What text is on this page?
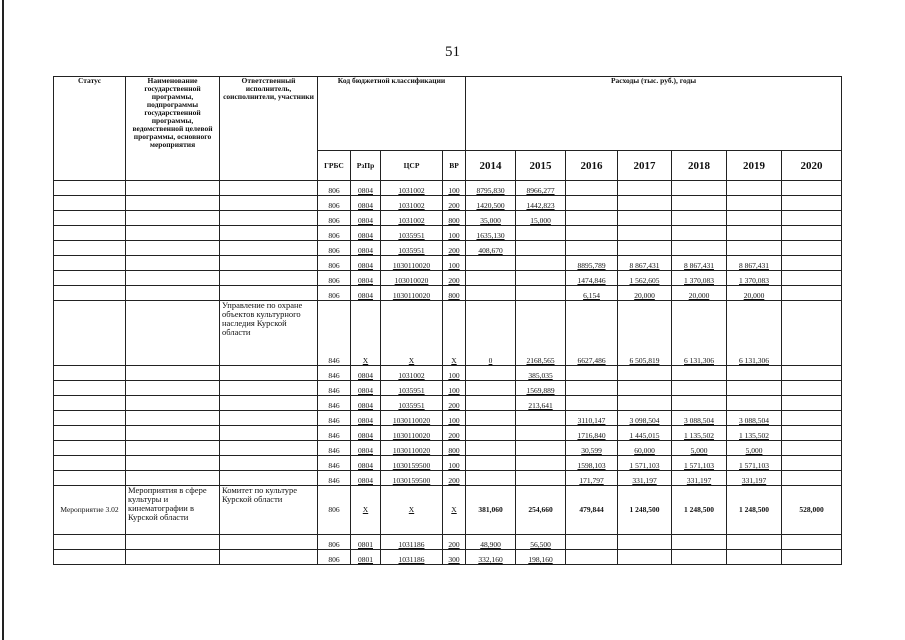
51
Статус	Наименование государственной программы, подпрограммы государственной программы, ведомственной целевой программы, основного мероприятия	Ответственный исполнитель, соисполнители, участники	Код бюджетной классификации				Расходы (тыс. руб.), годы						
			ГРБС	РзПр	ЦСР	ВР	2014	2015	2016	2017	2018	2019	2020
			806	0804	1031002	100	8795,830	8966,277					
			806	0804	1031002	200	1420,500	1442,823					
			806	0804	1031002	800	35,000	15,000					
			806	0804	1035951	100	1635,130						
			806	0804	1035951	200	408,670						
			806	0804	1030110020	100			8895,789	8 867,431	8 867,431	8 867,431	
			806	0804	103010020	200			1474,846	1 562,605	1 370,083	1 370,083	
			806	0804	1030110020	800			6,154	20,000	20,000	20,000	
		Управление по охране объектов культурного наследия Курской области	846	Х	Х	Х	0	2168,565	6627,486	6 505,819	6 131,306	6 131,306	
			846	0804	1031002	100		385,035					
			846	0804	1035951	100		1569,889					
			846	0804	1035951	200		213,641					
			846	0804	1030110020	100			3110,147	3 098,504	3 088,504	3 088,504	
			846	0804	1030110020	200			1716,840	1 445,015	1 135,502	1 135,502	
			846	0804	1030110020	800			30,599	60,000	5,000	5,000	
			846	0804	1030159500	100			1598,103	1 571,103	1 571,103	1 571,103	
			846	0804	1030159500	200			171,797	331,197	331,197	331,197	
Мероприятие 3.02	Мероприятия в сфере культуры и кинематографии в Курской области	Комитет по культуре Курской области	806	Х	Х	Х	381,060	254,660	479,844	1 248,500	1 248,500	1 248,500	528,000
			806	0801	1031186	200	48,900	56,500					
			806	0801	1031186	300	332,160	198,160					
